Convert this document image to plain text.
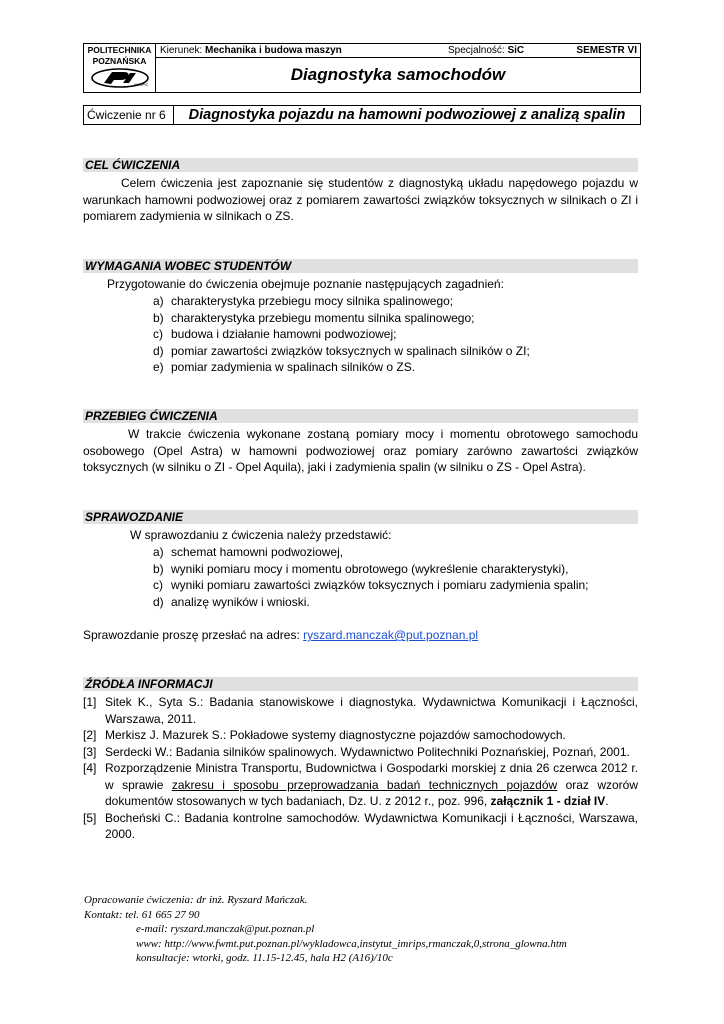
POLITECHNIKA
POZNAŃSKA
IMRIPS
Kierunek: Mechanika i budowa maszyn	Specjalność: SiC	SEMESTR VI
Diagnostyka samochodów
Ćwiczenie nr 6	Diagnostyka pojazdu na hamowni podwoziowej z analizą spalin
CEL ĆWICZENIA
Celem ćwiczenia jest zapoznanie się studentów z diagnostyką układu napędowego pojazdu w warunkach hamowni podwoziowej oraz z pomiarem zawartości związków toksycznych w silnikach o ZI i pomiarem zadymienia w silnikach o ZS.
WYMAGANIA WOBEC STUDENTÓW
Przygotowanie do ćwiczenia obejmuje poznanie następujących zagadnień:
a) charakterystyka przebiegu mocy silnika spalinowego;
b) charakterystyka przebiegu momentu silnika spalinowego;
c) budowa i działanie hamowni podwoziowej;
d) pomiar zawartości związków toksycznych w spalinach silników o ZI;
e) pomiar zadymienia w spalinach silników o ZS.
PRZEBIEG ĆWICZENIA
W trakcie ćwiczenia wykonane zostaną pomiary mocy i momentu obrotowego samochodu osobowego (Opel Astra) w hamowni podwoziowej oraz pomiary zarówno zawartości związków toksycznych (w silniku o ZI - Opel Aquila), jaki i zadymienia spalin (w silniku o ZS - Opel Astra).
SPRAWOZDANIE
W sprawozdaniu z ćwiczenia należy przedstawić:
a) schemat hamowni podwoziowej,
b) wyniki pomiaru mocy i momentu obrotowego (wykreślenie charakterystyki),
c) wyniki pomiaru zawartości związków toksycznych i pomiaru zadymienia spalin;
d) analizę wyników i wnioski.
Sprawozdanie proszę przesłać na adres: ryszard.manczak@put.poznan.pl
ŹRÓDŁA INFORMACJI
[1] Sitek K., Syta S.: Badania stanowiskowe i diagnostyka. Wydawnictwa Komunikacji i Łączności, Warszawa, 2011.
[2] Merkisz J. Mazurek S.: Pokładowe systemy diagnostyczne pojazdów samochodowych.
[3] Serdecki W.: Badania silników spalinowych. Wydawnictwo Politechniki Poznańskiej, Poznań, 2001.
[4] Rozporządzenie Ministra Transportu, Budownictwa i Gospodarki morskiej z dnia 26 czerwca 2012 r. w sprawie zakresu i sposobu przeprowadzania badań technicznych pojazdów oraz wzorów dokumentów stosowanych w tych badaniach, Dz. U. z 2012 r., poz. 996, załącznik 1 - dział IV.
[5] Bocheński C.: Badania kontrolne samochodów. Wydawnictwa Komunikacji i Łączności, Warszawa, 2000.
Opracowanie ćwiczenia: dr inż. Ryszard Mańczak.
Kontakt: tel. 61 665 27 90
e-mail: ryszard.manczak@put.poznan.pl
www: http://www.fwmt.put.poznan.pl/wykladowca,instytut_imrips,rmanczak,0,strona_glowna.htm
konsultacje: wtorki, godz. 11.15-12.45, hala H2 (A16)/10c
